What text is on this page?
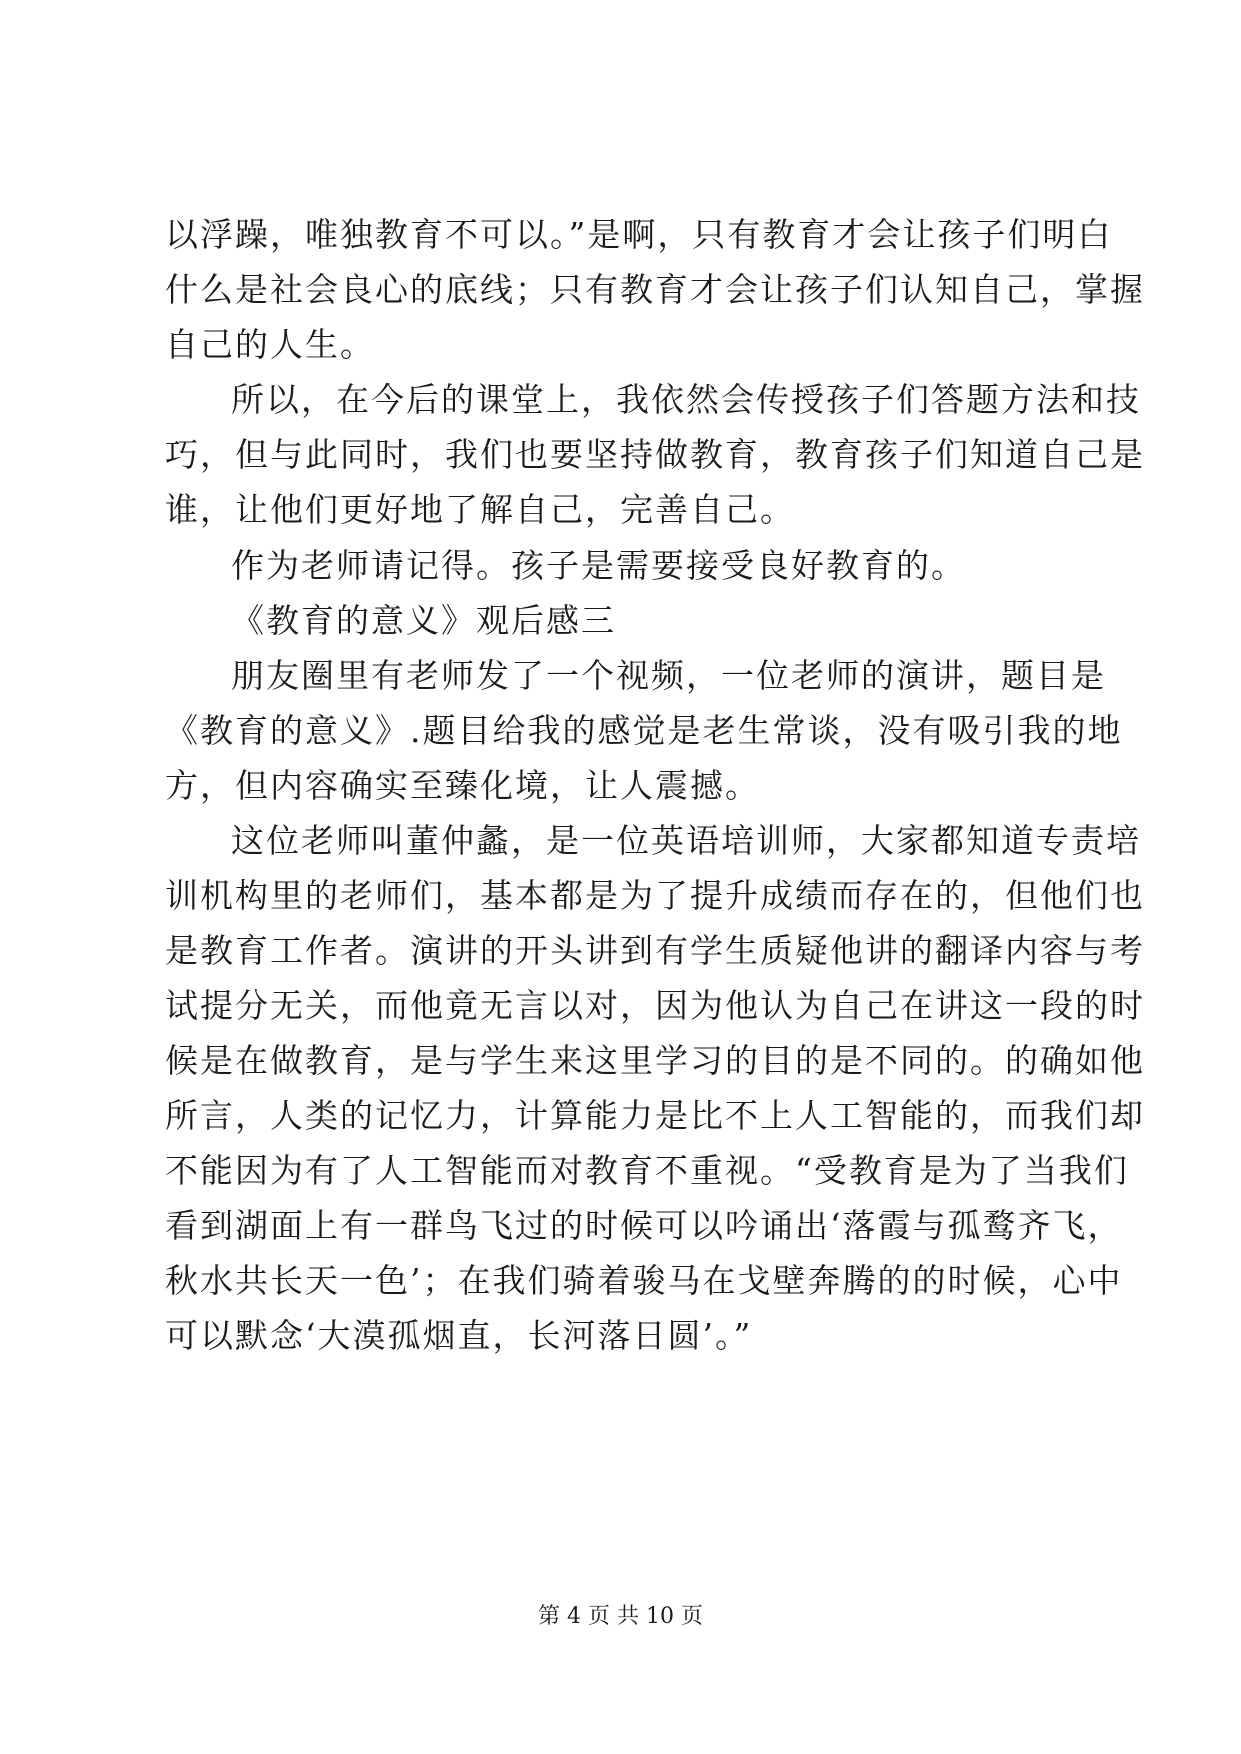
以浮躁，唯独教育不可以。”是啊，只有教育才会让孩子们明白
什么是社会良心的底线；只有教育才会让孩子们认知自己，掌握
自己的人生。
所以，在今后的课堂上，我依然会传授孩子们答题方法和技
巧，但与此同时，我们也要坚持做教育，教育孩子们知道自己是
谁，让他们更好地了解自己，完善自己。
作为老师请记得。孩子是需要接受良好教育的。
《教育的意义》观后感三
朋友圈里有老师发了一个视频，一位老师的演讲，题目是
《教育的意义》.题目给我的感觉是老生常谈，没有吸引我的地
方，但内容确实至臻化境，让人震撼。
这位老师叫董仲蠡，是一位英语培训师，大家都知道专责培
训机构里的老师们，基本都是为了提升成绩而存在的，但他们也
是教育工作者。演讲的开头讲到有学生质疑他讲的翻译内容与考
试提分无关，而他竟无言以对，因为他认为自己在讲这一段的时
候是在做教育，是与学生来这里学习的目的是不同的。的确如他
所言，人类的记忆力，计算能力是比不上人工智能的，而我们却
不能因为有了人工智能而对教育不重视。“受教育是为了当我们
看到湖面上有一群鸟飞过的时候可以吟诵出‘落霞与孤鹜齐飞，
秋水共长天一色’；在我们骑着骏马在戈壁奔腾的的时候，心中
可以默念‘大漠孤烟直，长河落日圆’。”
第 4 页 共 10 页
